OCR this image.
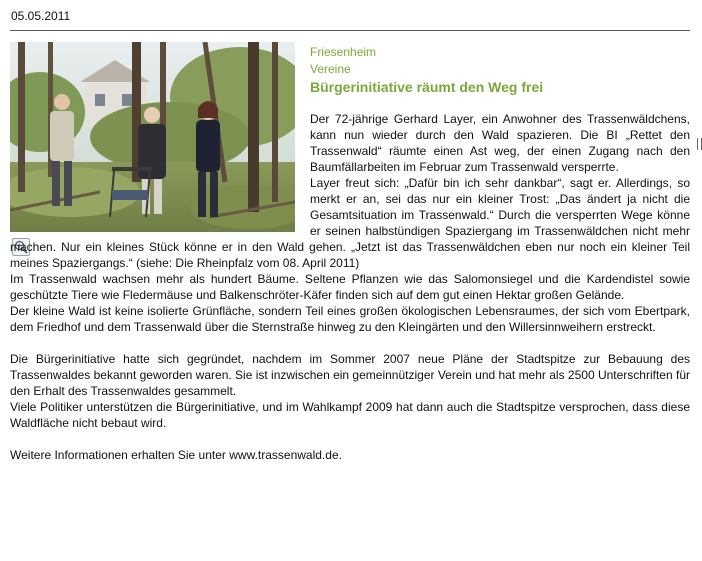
05.05.2011
Friesenheim
Vereine
Bürgerinitiative räumt den Weg frei

Der 72-jährige Gerhard Layer, ein Anwohner des Trassenwäldchens, kann nun wieder durch den Wald spazieren. Die BI „Rettet den Trassenwald“ räumte einen Ast weg, der einen Zugang nach den Baumfällarbeiten im Februar zum Trassenwald versperrte.

Layer freut sich: „Dafür bin ich sehr dankbar“, sagt er. Allerdings, so merkt er an, sei das nur ein kleiner Trost: „Das ändert ja nicht die Gesamtsituation im Trassenwald.“ Durch die versperrten Wege könne er seinen halbstündigen Spaziergang im Trassenwäldchen nicht mehr machen. Nur ein kleines Stück könne er in den Wald gehen. „Jetzt ist das Trassenwäldchen eben nur noch ein kleiner Teil meines Spaziergangs.“ (siehe: Die Rheinpfalz vom 08. April 2011)

Im Trassenwald wachsen mehr als hundert Bäume. Seltene Pflanzen wie das Salomonsiegel und die Kardendistel sowie geschützte Tiere wie Fledermäuse und Balkenschröter-Käfer finden sich auf dem gut einen Hektar großen Gelände.

Der kleine Wald ist keine isolierte Grünfläche, sondern Teil eines großen ökologischen Lebensraumes, der sich vom Ebertpark, dem Friedhof und dem Trassenwald über die Sternstraße hinweg zu den Kleingärten und den Willersinnweihern erstreckt.

Die Bürgerinitiative hatte sich gegründet, nachdem im Sommer 2007 neue Pläne der Stadtspitze zur Bebauung des Trassenwaldes bekannt geworden waren. Sie ist inzwischen ein gemeinnütziger Verein und hat mehr als 2500 Unterschriften für den Erhalt des Trassenwaldes gesammelt.

Viele Politiker unterstützen die Bürgerinitiative, und im Wahlkampf 2009 hat dann auch die Stadtspitze versprochen, dass diese Waldfläche nicht bebaut wird.

Weitere Informationen erhalten Sie unter www.trassenwald.de.
